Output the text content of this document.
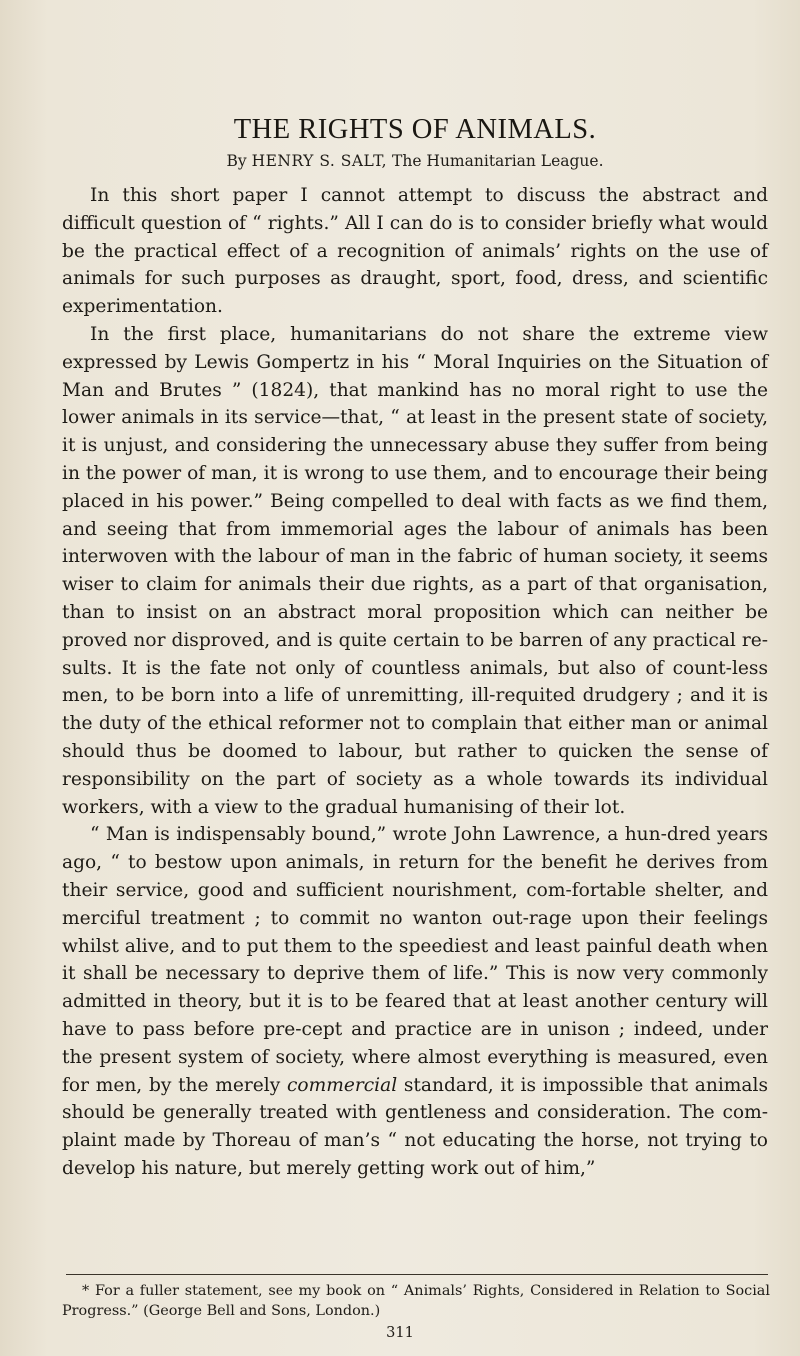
THE RIGHTS OF ANIMALS.
By HENRY S. SALT, The Humanitarian League.

In this short paper I cannot attempt to discuss the abstract and difficult question of “ rights.” All I can do is to consider briefly what would be the practical effect of a recognition of animals’ rights on the use of animals for such purposes as draught, sport, food, dress, and scientific experimentation.

In the first place, humanitarians do not share the extreme view expressed by Lewis Gompertz in his “ Moral Inquiries on the Situation of Man and Brutes ” (1824), that mankind has no moral right to use the lower animals in its service—that, “ at least in the present state of society, it is unjust, and considering the unnecessary abuse they suffer from being in the power of man, it is wrong to use them, and to encourage their being placed in his power.” Being compelled to deal with facts as we find them, and seeing that from immemorial ages the labour of animals has been interwoven with the labour of man in the fabric of human society, it seems wiser to claim for animals their due rights, as a part of that organisation, than to insist on an abstract moral proposition which can neither be proved nor disproved, and is quite certain to be barren of any practical re-sults. It is the fate not only of countless animals, but also of count-less men, to be born into a life of unremitting, ill-requited drudgery ; and it is the duty of the ethical reformer not to complain that either man or animal should thus be doomed to labour, but rather to quicken the sense of responsibility on the part of society as a whole towards its individual workers, with a view to the gradual humanising of their lot.

“ Man is indispensably bound,” wrote John Lawrence, a hun-dred years ago, “ to bestow upon animals, in return for the benefit he derives from their service, good and sufficient nourishment, com-fortable shelter, and merciful treatment ; to commit no wanton out-rage upon their feelings whilst alive, and to put them to the speediest and least painful death when it shall be necessary to deprive them of life.” This is now very commonly admitted in theory, but it is to be feared that at least another century will have to pass before pre-cept and practice are in unison ; indeed, under the present system of society, where almost everything is measured, even for men, by the merely commercial standard, it is impossible that animals should be generally treated with gentleness and consideration. The com-plaint made by Thoreau of man’s “ not educating the horse, not trying to develop his nature, but merely getting work out of him,”

* For a fuller statement, see my book on “ Animals’ Rights, Considered in Relation to Social Progress.” (George Bell and Sons, London.)
311
